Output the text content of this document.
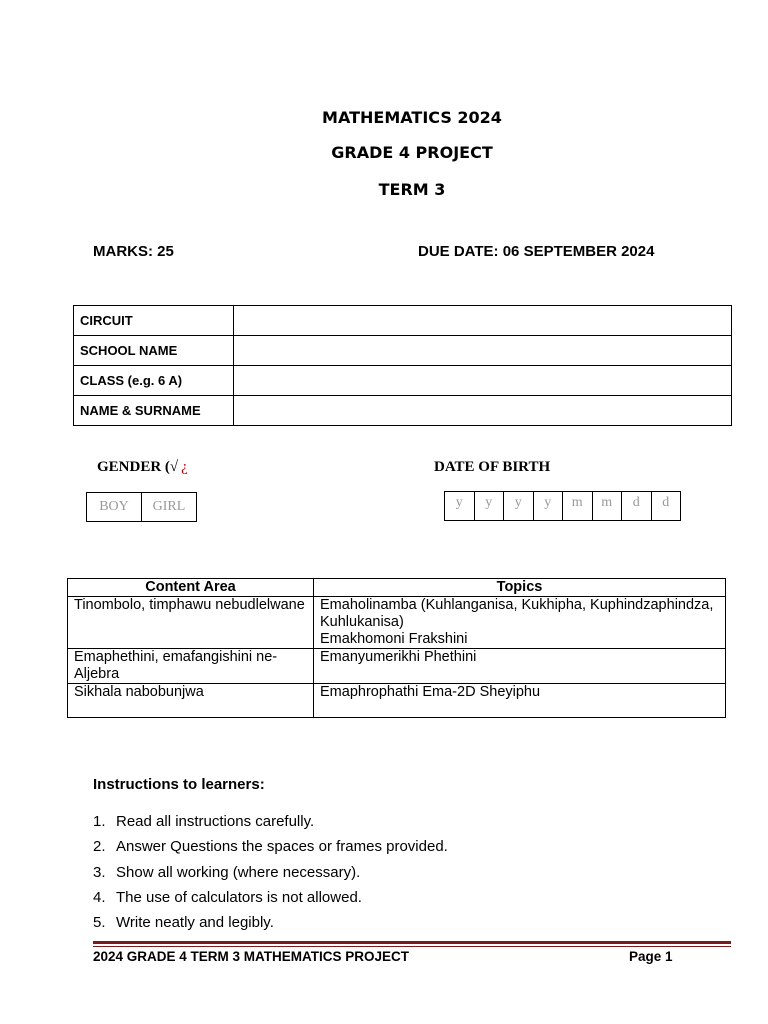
MATHEMATICS 2024
GRADE 4 PROJECT
TERM 3
MARKS: 25	DUE DATE: 06 SEPTEMBER 2024
CIRCUIT	
SCHOOL NAME	
CLASS (e.g. 6 A)	
NAME & SURNAME	
GENDER (√ ¿
BOY	GIRL
DATE OF BIRTH
y	y	y	y	m	m	d	d
Content Area	Topics
Tinombolo, timphawu nebudlelwane	Emaholinamba (Kuhlanganisa, Kukhipha, Kuphindzaphindza, Kuhlukanisa)
Emakhomoni Frakshini
Emaphethini, emafangishini ne-Aljebra	Emanyumerikhi Phethini
Sikhala nabobunjwa	Emaphrophathi Ema-2D Sheyiphu
Instructions to learners:
1. Read all instructions carefully.
2. Answer Questions the spaces or frames provided.
3. Show all working (where necessary).
4. The use of calculators is not allowed.
5. Write neatly and legibly.
2024 GRADE 4 TERM 3 MATHEMATICS PROJECT	Page 1
